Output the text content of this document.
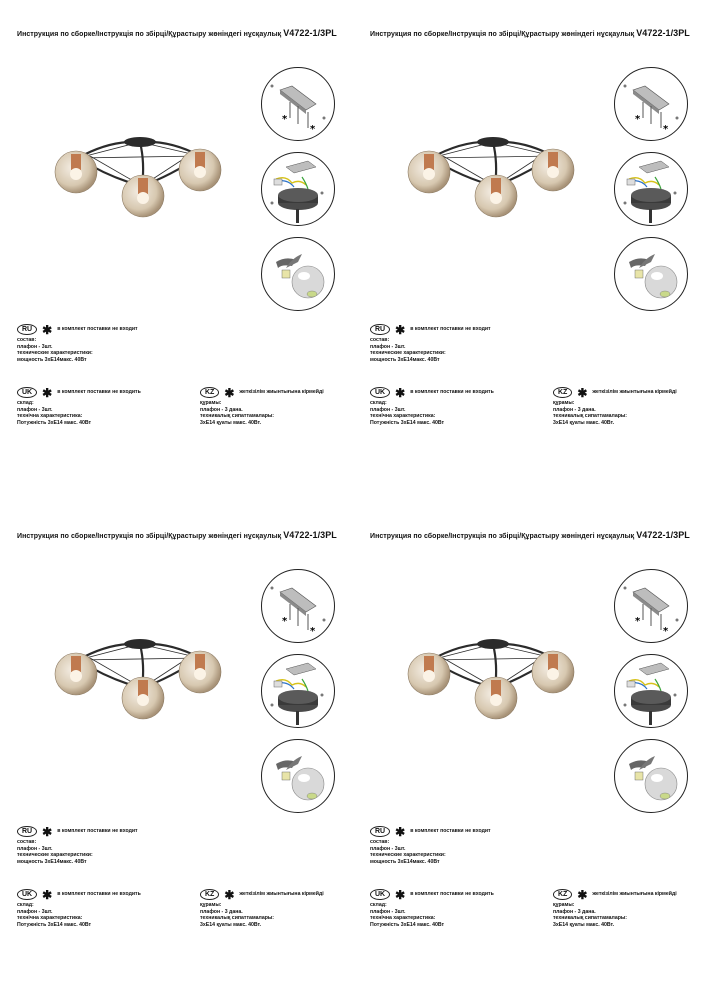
Инструкция по сборке/Інструкція по збірці/Құрастыру жөніндегі нұсқаулық V4722-1/3PL
*
*
RU ✱ в комплект поставки не входит
состав:
плафон - 3шт.
технические характеристики:
мощность 3хЕ14макс. 40Вт
UK ✱ в комплект поставки не входить
склад:
плафон - 3шт.
технічна характеристика:
Потужність 3хЕ14 макс. 40Вт
KZ ✱ жеткізілім жиынтығына кірмейді
құрамы:
плафон - 3 дана.
техникалық сипаттамалары:
3хЕ14 қуаты макс. 40Вт.
Инструкция по сборке/Інструкція по збірці/Құрастыру жөніндегі нұсқаулық V4722-1/3PL
*
*
RU ✱ в комплект поставки не входит
состав:
плафон - 3шт.
технические характеристики:
мощность 3хЕ14макс. 40Вт
UK ✱ в комплект поставки не входить
склад:
плафон - 3шт.
технічна характеристика:
Потужність 3хЕ14 макс. 40Вт
KZ ✱ жеткізілім жиынтығына кірмейді
құрамы:
плафон - 3 дана.
техникалық сипаттамалары:
3хЕ14 қуаты макс. 40Вт.
Инструкция по сборке/Інструкція по збірці/Құрастыру жөніндегі нұсқаулық V4722-1/3PL
*
*
RU ✱ в комплект поставки не входит
состав:
плафон - 3шт.
технические характеристики:
мощность 3хЕ14макс. 40Вт
UK ✱ в комплект поставки не входить
склад:
плафон - 3шт.
технічна характеристика:
Потужність 3хЕ14 макс. 40Вт
KZ ✱ жеткізілім жиынтығына кірмейді
құрамы:
плафон - 3 дана.
техникалық сипаттамалары:
3хЕ14 қуаты макс. 40Вт.
Инструкция по сборке/Інструкція по збірці/Құрастыру жөніндегі нұсқаулық V4722-1/3PL
*
*
RU ✱ в комплект поставки не входит
состав:
плафон - 3шт.
технические характеристики:
мощность 3хЕ14макс. 40Вт
UK ✱ в комплект поставки не входить
склад:
плафон - 3шт.
технічна характеристика:
Потужність 3хЕ14 макс. 40Вт
KZ ✱ жеткізілім жиынтығына кірмейді
құрамы:
плафон - 3 дана.
техникалық сипаттамалары:
3хЕ14 қуаты макс. 40Вт.
